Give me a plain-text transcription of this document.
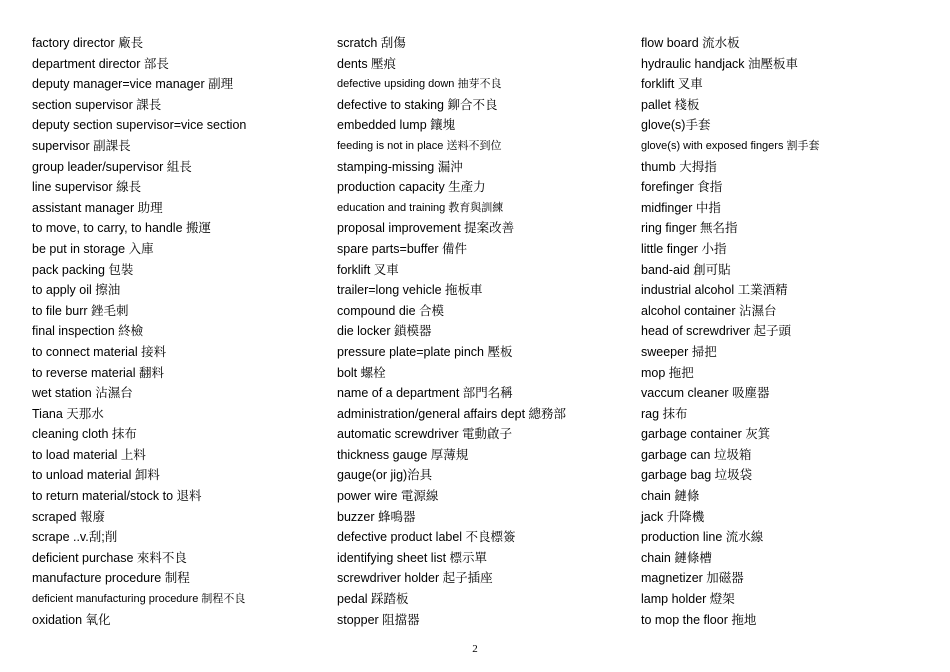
factory director 廠長
department director 部長
deputy manager=vice manager 副理
section supervisor 課長
deputy section supervisor=vice section
supervisor 副課長
group leader/supervisor 組長
line supervisor 線長
assistant manager 助理
to move, to carry, to handle 搬運
be put in storage 入庫
pack packing 包裝
to apply oil 擦油
to file burr 銼毛刺
final inspection 終檢
to connect material 接料
to reverse material 翻料
wet station 沾濕台
Tiana 天那水
cleaning cloth 抹布
to load material 上料
to unload material 卸料
to return material/stock to 退料
scraped 報廢
scrape ..v.刮;削
deficient purchase 來料不良
manufacture procedure 制程
deficient manufacturing procedure 制程不良
oxidation 氧化
scratch 刮傷
dents 壓痕
defective upsiding down 抽芽不良
defective to staking 鉚合不良
embedded lump 鑲塊
feeding is not in place 送料不到位
stamping-missing 漏沖
production capacity 生產力
education and training 教育與訓練
proposal improvement 提案改善
spare parts=buffer 備件
forklift 叉車
trailer=long vehicle 拖板車
compound die 合模
die locker 鎖模器
pressure plate=plate pinch 壓板
bolt 螺栓
name of a department 部門名稱
administration/general affairs dept 總務部
automatic screwdriver 電動啟子
thickness gauge 厚薄規
gauge(or jig)治具
power wire 電源線
buzzer 蜂鳴器
defective product label 不良標簽
identifying sheet list 標示單
screwdriver holder 起子插座
pedal 踩踏板
stopper 阻擋器
flow board 流水板
hydraulic handjack 油壓板車
forklift 叉車
pallet 棧板
glove(s)手套
glove(s) with exposed fingers 割手套
thumb 大拇指
forefinger 食指
midfinger 中指
ring finger 無名指
little finger 小指
band-aid 創可貼
industrial alcohol 工業酒精
alcohol container 沾濕台
head of screwdriver 起子頭
sweeper 掃把
mop 拖把
vaccum cleaner 吸塵器
rag 抹布
garbage container 灰箕
garbage can 垃圾箱
garbage bag 垃圾袋
chain 鏈條
jack 升降機
production line 流水線
chain 鏈條槽
magnetizer 加磁器
lamp holder 燈架
to mop the floor 拖地
2
